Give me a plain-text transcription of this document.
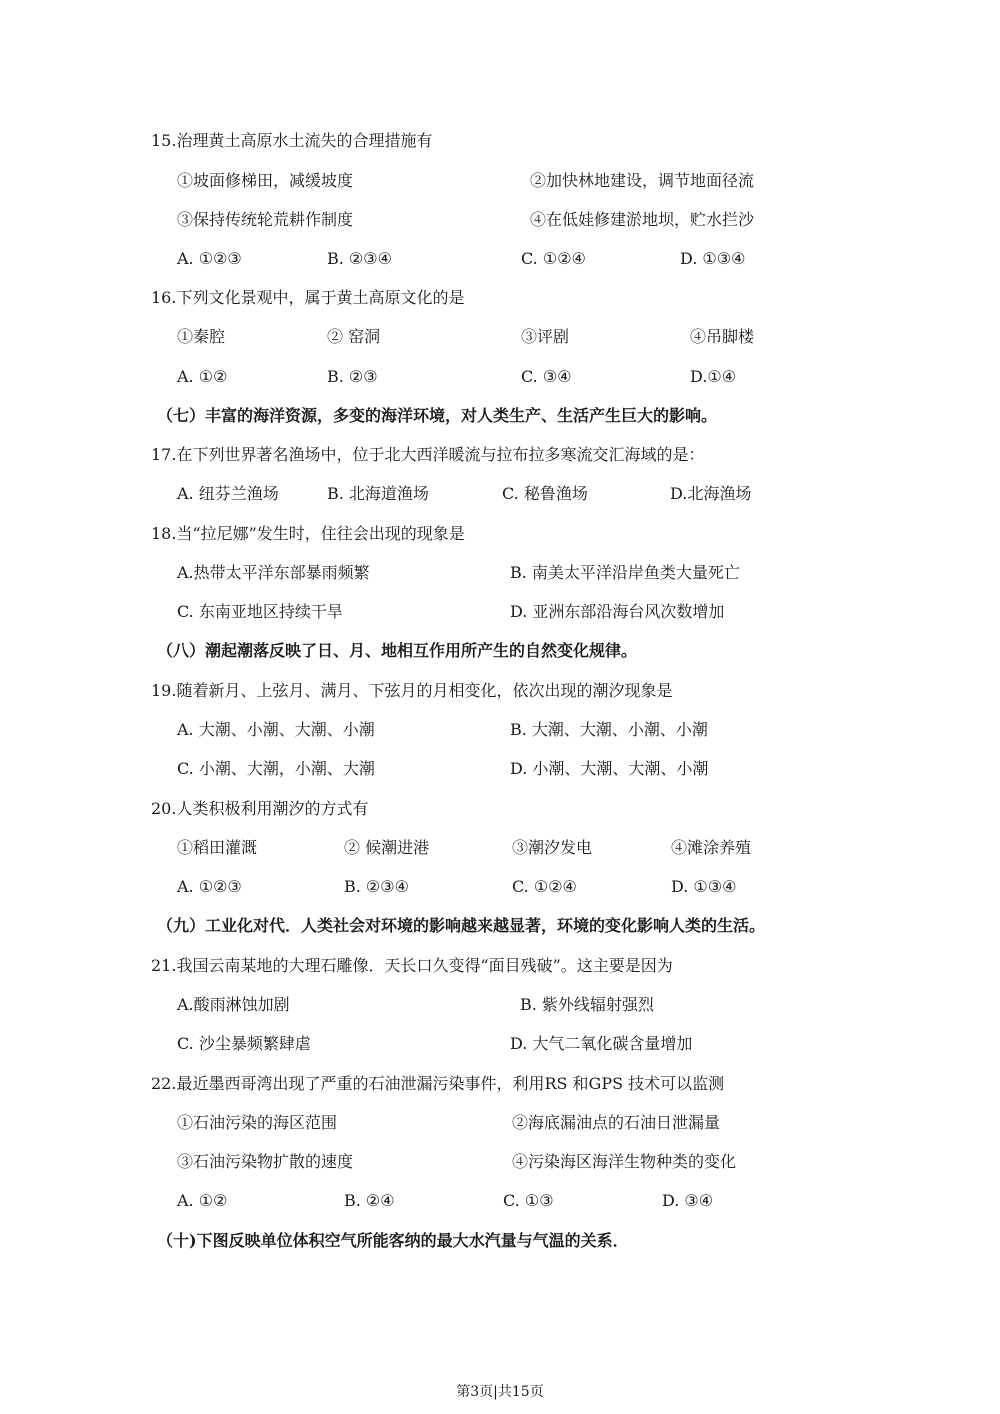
15.治理黄土高原水土流失的合理措施有
①坡面修梯田，减缓坡度	②加快林地建设，调节地面径流
③保持传统轮荒耕作制度	④在低娃修建淤地坝，贮水拦沙
A. ①②③	B. ②③④	C. ①②④	D. ①③④
16.下列文化景观中，属于黄土高原文化的是
①秦腔	② 窑洞	③评剧	④吊脚楼
A. ①②	B. ②③	C. ③④	D.①④
（七）丰富的海洋资源，多变的海洋环境，对人类生产、生活产生巨大的影响。
17.在下列世界著名渔场中，位于北大西洋暖流与拉布拉多寒流交汇海域的是：
A. 纽芬兰渔场	B. 北海道渔场	C. 秘鲁渔场	D.北海渔场
18.当“拉尼娜”发生时，住往会出现的现象是
A.热带太平洋东部暴雨频繁	B. 南美太平洋沿岸鱼类大量死亡
C. 东南亚地区持续干旱	D. 亚洲东部沿海台风次数增加
（八）潮起潮落反映了日、月、地相互作用所产生的自然变化规律。
19.随着新月、上弦月、满月、下弦月的月相变化，依次出现的潮汐现象是
A. 大潮、小潮、大潮、小潮	B. 大潮、大潮、小潮、小潮
C. 小潮、大潮，小潮、大潮	D. 小潮、大潮、大潮、小潮
20.人类积极利用潮汐的方式有
①稻田灌溉	② 候潮进港	③潮汐发电	④滩涂养殖
A. ①②③	B. ②③④	C. ①②④	D. ①③④
（九）工业化对代．人类社会对环境的影响越来越显著，环境的变化影响人类的生活。
21.我国云南某地的大理石雕像．天长口久变得“面目残破”。这主要是因为
A.酸雨淋蚀加剧	B. 紫外线辐射强烈
C. 沙尘暴频繁肆虐	D. 大气二氧化碳含量增加
22.最近墨西哥湾出现了严重的石油泄漏污染事件，利用RS 和GPS 技术可以监测
①石油污染的海区范围	②海底漏油点的石油日泄漏量
③石油污染物扩散的速度	④污染海区海洋生物种类的变化
A. ①②	B. ②④	C. ①③	D. ③④
（十)下图反映单位体积空气所能客纳的最大水汽量与气温的关系．
第3页|共15页
